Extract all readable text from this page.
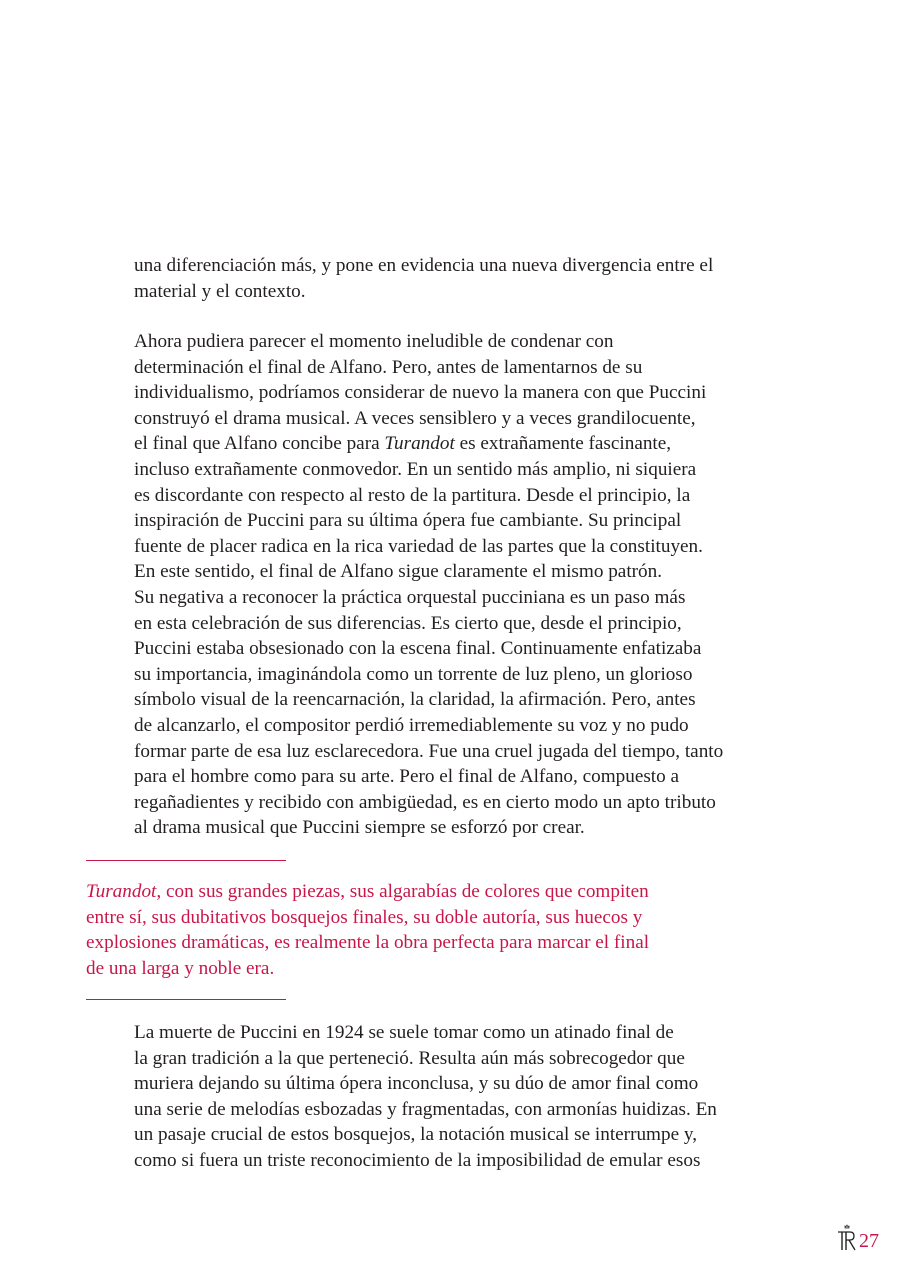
una diferenciación más, y pone en evidencia una nueva divergencia entre el
material y el contexto.

Ahora pudiera parecer el momento ineludible de condenar con
determinación el final de Alfano. Pero, antes de lamentarnos de su
individualismo, podríamos considerar de nuevo la manera con que Puccini
construyó el drama musical. A veces sensiblero y a veces grandilocuente,
el final que Alfano concibe para Turandot es extrañamente fascinante,
incluso extrañamente conmovedor. En un sentido más amplio, ni siquiera
es discordante con respecto al resto de la partitura. Desde el principio, la
inspiración de Puccini para su última ópera fue cambiante. Su principal
fuente de placer radica en la rica variedad de las partes que la constituyen.
En este sentido, el final de Alfano sigue claramente el mismo patrón.
Su negativa a reconocer la práctica orquestal pucciniana es un paso más
en esta celebración de sus diferencias. Es cierto que, desde el principio,
Puccini estaba obsesionado con la escena final. Continuamente enfatizaba
su importancia, imaginándola como un torrente de luz pleno, un glorioso
símbolo visual de la reencarnación, la claridad, la afirmación. Pero, antes
de alcanzarlo, el compositor perdió irremediablemente su voz y no pudo
formar parte de esa luz esclarecedora. Fue una cruel jugada del tiempo, tanto
para el hombre como para su arte. Pero el final de Alfano, compuesto a
regañadientes y recibido con ambigüedad, es en cierto modo un apto tributo
al drama musical que Puccini siempre se esforzó por crear.

Turandot, con sus grandes piezas, sus algarabías de colores que compiten
entre sí, sus dubitativos bosquejos finales, su doble autoría, sus huecos y
explosiones dramáticas, es realmente la obra perfecta para marcar el final
de una larga y noble era.

La muerte de Puccini en 1924 se suele tomar como un atinado final de
la gran tradición a la que perteneció. Resulta aún más sobrecogedor que
muriera dejando su última ópera inconclusa, y su dúo de amor final como
una serie de melodías esbozadas y fragmentadas, con armonías huidizas. En
un pasaje crucial de estos bosquejos, la notación musical se interrumpe y,
como si fuera un triste reconocimiento de la imposibilidad de emular esos

27
